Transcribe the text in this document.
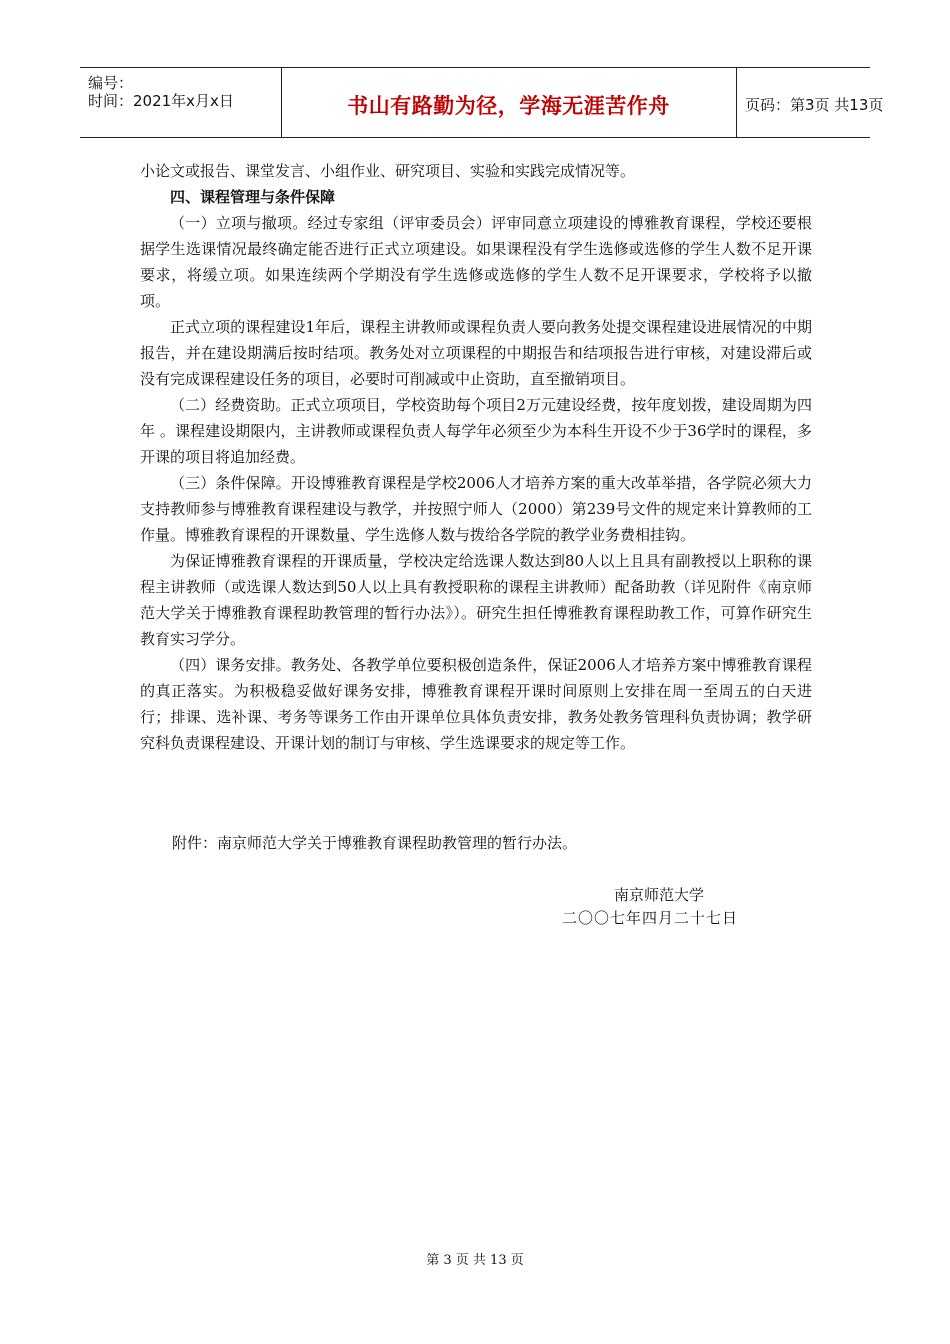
编号：
时间：2021年x月x日	书山有路勤为径，学海无涯苦作舟	页码：第3页 共13页

小论文或报告、课堂发言、小组作业、研究项目、实验和实践完成情况等。

四、课程管理与条件保障

（一）立项与撤项。经过专家组（评审委员会）评审同意立项建设的博雅教育课程，学校还要根据学生选课情况最终确定能否进行正式立项建设。如果课程没有学生选修或选修的学生人数不足开课要求，将缓立项。如果连续两个学期没有学生选修或选修的学生人数不足开课要求，学校将予以撤项。

正式立项的课程建设1年后，课程主讲教师或课程负责人要向教务处提交课程建设进展情况的中期报告，并在建设期满后按时结项。教务处对立项课程的中期报告和结项报告进行审核，对建设滞后或没有完成课程建设任务的项目，必要时可削减或中止资助，直至撤销项目。

（二）经费资助。正式立项项目，学校资助每个项目2万元建设经费，按年度划拨，建设周期为四年 。课程建设期限内，主讲教师或课程负责人每学年必须至少为本科生开设不少于36学时的课程，多开课的项目将追加经费。

（三）条件保障。开设博雅教育课程是学校2006人才培养方案的重大改革举措，各学院必须大力支持教师参与博雅教育课程建设与教学，并按照宁师人（2000）第239号文件的规定来计算教师的工作量。博雅教育课程的开课数量、学生选修人数与拨给各学院的教学业务费相挂钩。

为保证博雅教育课程的开课质量，学校决定给选课人数达到80人以上且具有副教授以上职称的课程主讲教师（或选课人数达到50人以上具有教授职称的课程主讲教师）配备助教（详见附件《南京师范大学关于博雅教育课程助教管理的暂行办法》）。研究生担任博雅教育课程助教工作，可算作研究生教育实习学分。

（四）课务安排。教务处、各教学单位要积极创造条件，保证2006人才培养方案中博雅教育课程的真正落实。为积极稳妥做好课务安排，博雅教育课程开课时间原则上安排在周一至周五的白天进行；排课、选补课、考务等课务工作由开课单位具体负责安排，教务处教务管理科负责协调；教学研究科负责课程建设、开课计划的制订与审核、学生选课要求的规定等工作。

附件：南京师范大学关于博雅教育课程助教管理的暂行办法。
南京师范大学
二〇〇七年四月二十七日
第 3 页 共 13 页
